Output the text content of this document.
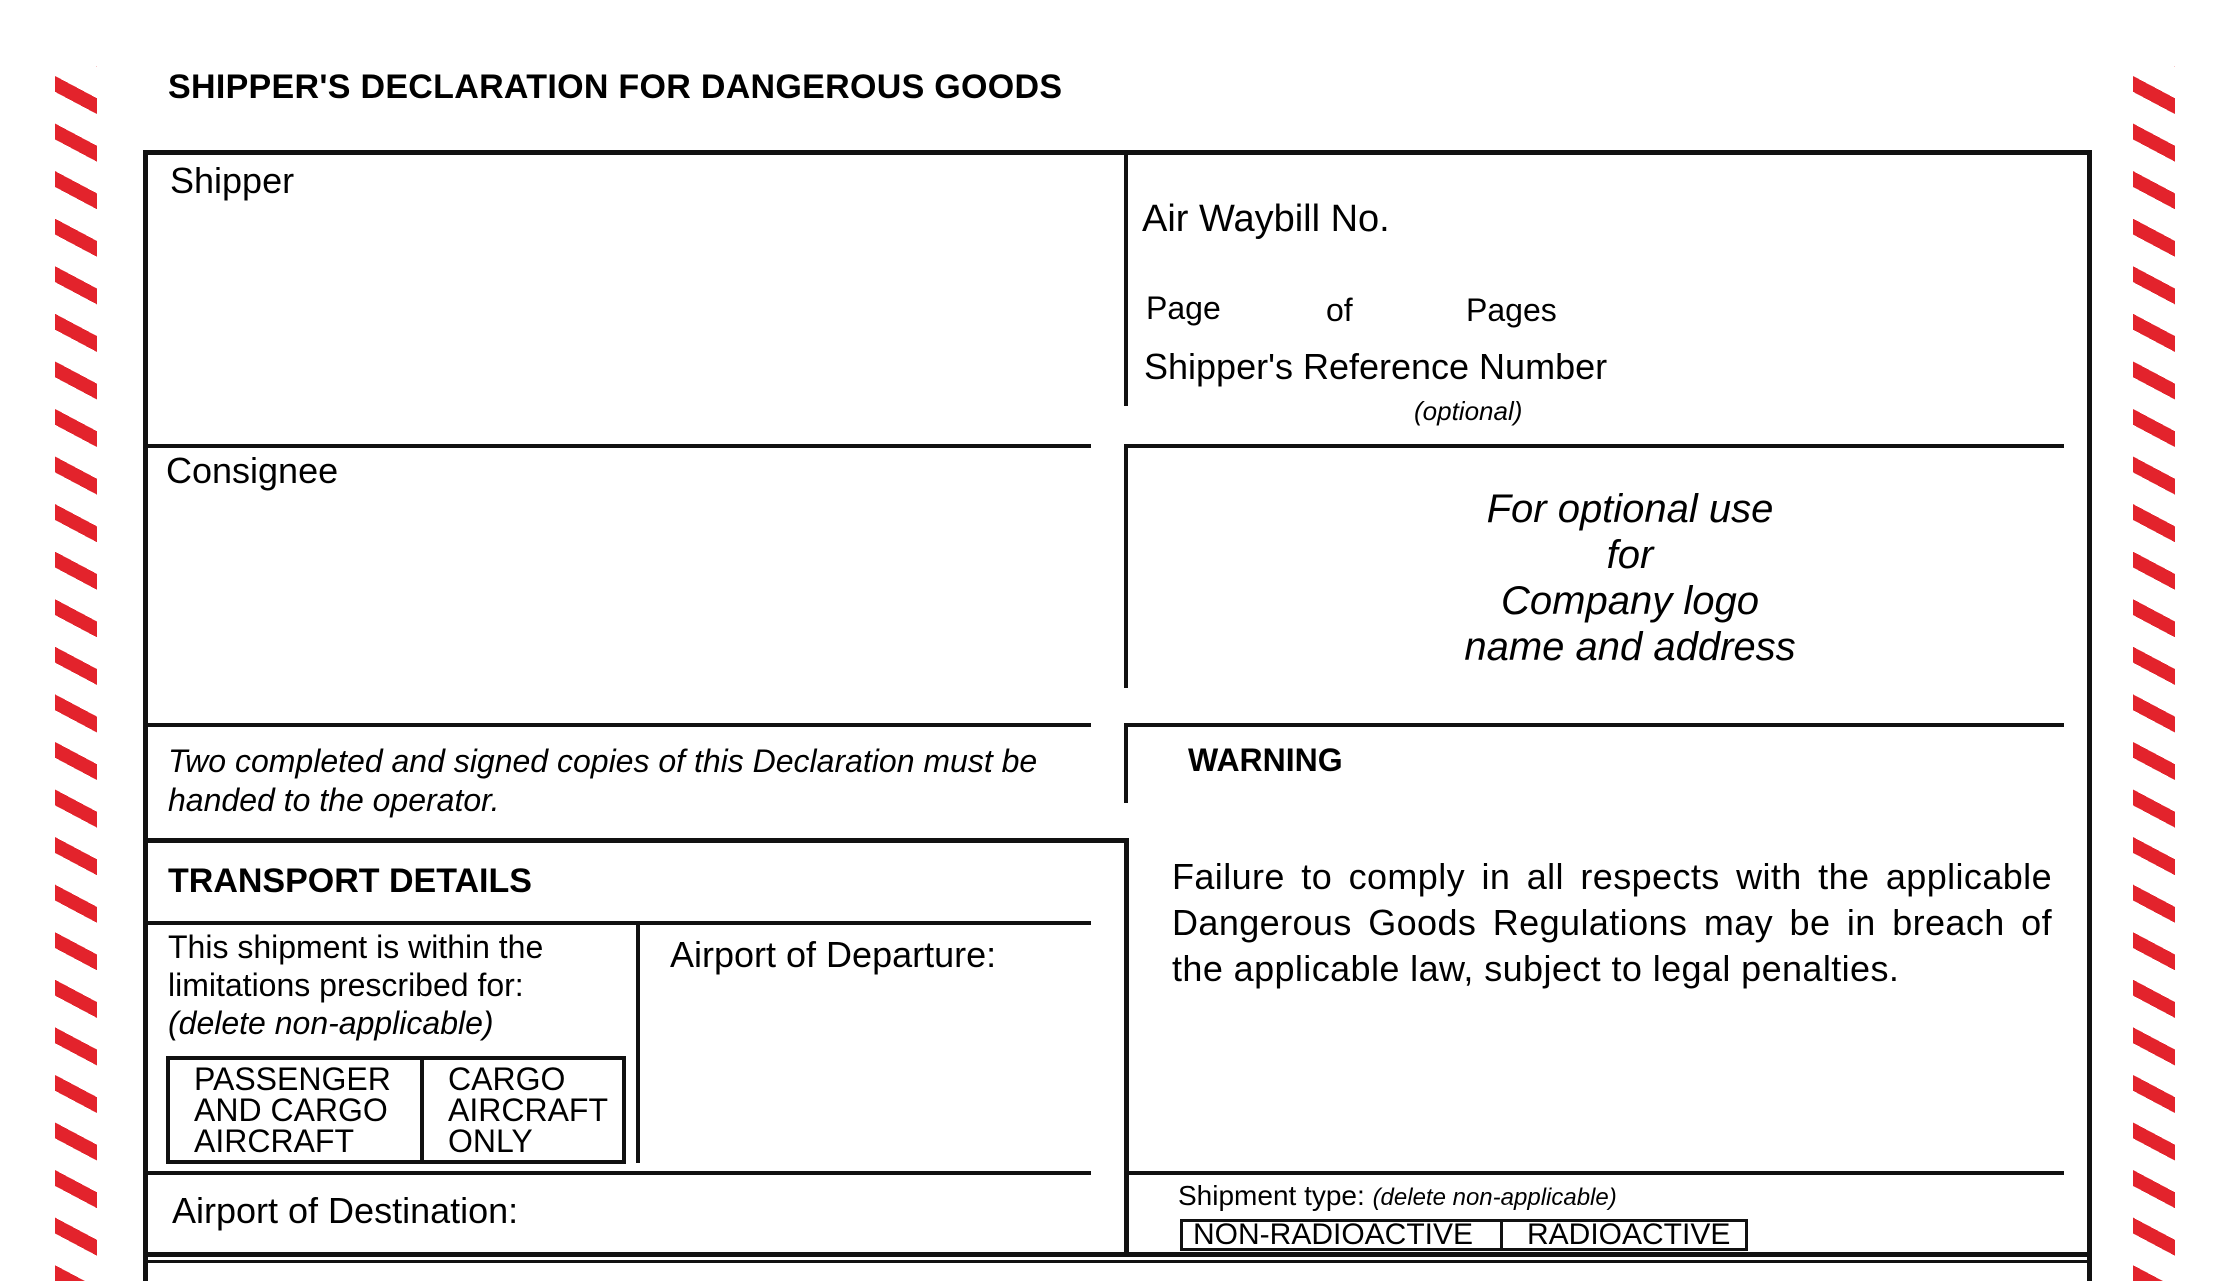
SHIPPER'S DECLARATION FOR DANGEROUS GOODS
Shipper
Air Waybill No.
Page	of	Pages
Shipper's Reference Number
(optional)
Consignee
For optional use
for
Company logo
name and address
Two completed and signed copies of this Declaration must be handed to the operator.
WARNING
Failure to comply in all respects with the applicable Dangerous Goods Regulations may be in breach of the applicable law, subject to legal penalties.
TRANSPORT DETAILS
This shipment is within the limitations prescribed for:
(delete non-applicable)
PASSENGER
AND CARGO
AIRCRAFT
CARGO
AIRCRAFT
ONLY
Airport of Departure:
Airport of Destination:	Shipment type: (delete non-applicable)
NON-RADIOACTIVE	RADIOACTIVE
